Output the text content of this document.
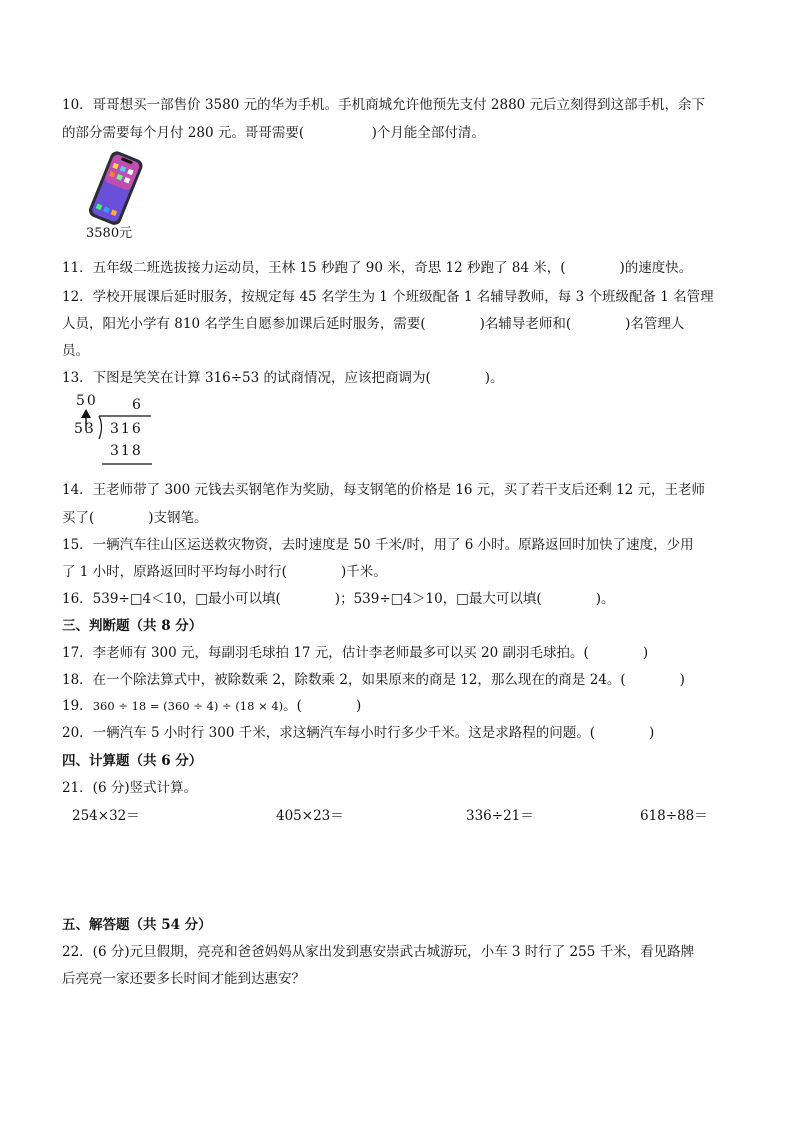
10．哥哥想买一部售价 3580 元的华为手机。手机商城允许他预先支付 2880 元后立刻得到这部手机，余下
的部分需要每个月付 280 元。哥哥需要(　　　　　)个月能全部付清。
3580元
11．五年级二班选拔接力运动员，王林 15 秒跑了 90 米，奇思 12 秒跑了 84 米，(　　　　)的速度快。
12．学校开展课后延时服务，按规定每 45 名学生为 1 个班级配备 1 名辅导教师，每 3 个班级配备 1 名管理
人员，阳光小学有 810 名学生自愿参加课后延时服务，需要(　　　　)名辅导老师和(　　　　)名管理人
员。
13．下图是笑笑在计算 316÷53 的试商情况，应该把商调为(　　　　)。
50 6
53 316
318
14．王老师带了 300 元钱去买钢笔作为奖励，每支钢笔的价格是 16 元，买了若干支后还剩 12 元，王老师
买了(　　　　)支钢笔。
15．一辆汽车往山区运送救灾物资，去时速度是 50 千米/时，用了 6 小时。原路返回时加快了速度，少用
了 1 小时，原路返回时平均每小时行(　　　　)千米。
16．539÷□4＜10，□最小可以填(　　　　)；539÷□4＞10，□最大可以填(　　　　)。
三、判断题（共 8 分）
17．李老师有 300 元，每副羽毛球拍 17 元，估计李老师最多可以买 20 副羽毛球拍。(　　　　)
18．在一个除法算式中，被除数乘 2，除数乘 2，如果原来的商是 12，那么现在的商是 24。(　　　　)
19．360 ÷ 18 = (360 ÷ 4) ÷ (18 × 4)。(　　　　)
20．一辆汽车 5 小时行 300 千米，求这辆汽车每小时行多少千米。这是求路程的问题。(　　　　)
四、计算题（共 6 分）
21．(6 分)竖式计算。
254×32＝	405×23＝	336÷21＝	618÷88＝
五、解答题（共 54 分）
22．(6 分)元旦假期，亮亮和爸爸妈妈从家出发到惠安崇武古城游玩，小车 3 时行了 255 千米，看见路牌
后亮亮一家还要多长时间才能到达惠安？
